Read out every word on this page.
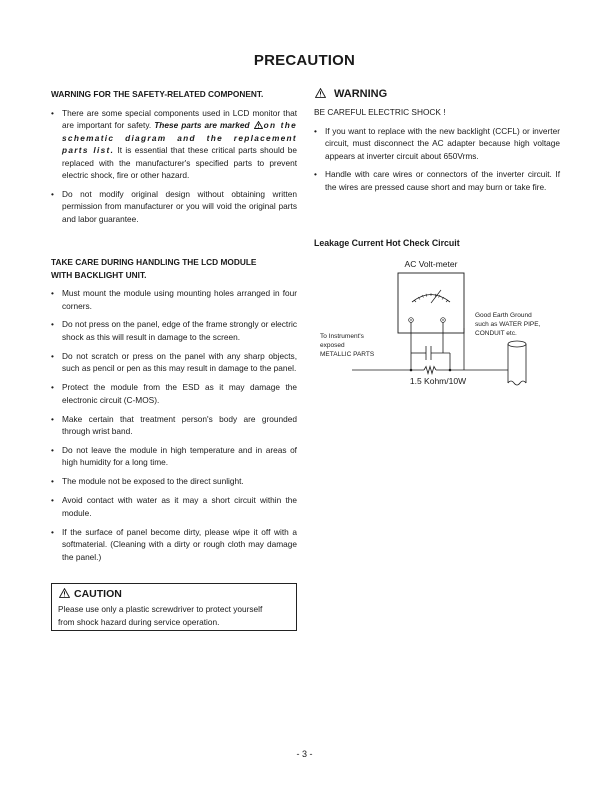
PRECAUTION

WARNING FOR THE SAFETY-RELATED COMPONENT.

• There are some special components used in LCD monitor that are important for safety. These parts are marked on the schematic diagram and the replacement parts list. It is essential that these critical parts should be replaced with the manufacturer's specified parts to prevent electric shock, fire or other hazard.
• Do not modify original design without obtaining written permission from manufacturer or you will void the original parts and labor guarantee.

TAKE CARE DURING HANDLING THE LCD MODULE

WITH BACKLIGHT UNIT.

• Must mount the module using mounting holes arranged in four corners.
• Do not press on the panel, edge of the frame strongly or electric shock as this will result in damage to the screen.
• Do not scratch or press on the panel with any sharp objects, such as pencil or pen as this may result in damage to the panel.
• Protect the module from the ESD as it may damage the electronic circuit (C-MOS).
• Make certain that treatment person's body are grounded through wrist band.
• Do not leave the module in high temperature and in areas of high humidity for a long time.
• The module not be exposed to the direct sunlight.
• Avoid contact with water as it may a short circuit within the module.
• If the surface of panel become dirty, please wipe it off with a softmaterial. (Cleaning with a dirty or rough cloth may damage the panel.)
CAUTION
Please use only a plastic screwdriver to protect yourself
from shock hazard during service operation.
WARNING
BE CAREFUL ELECTRIC SHOCK !
• If you want to replace with the new backlight (CCFL) or inverter circuit, must disconnect the AC adapter because high voltage appears at inverter circuit about 650Vrms.
• Handle with care wires or connectors of the inverter circuit. If the wires are pressed cause short and may burn or take fire.
Leakage Current Hot Check Circuit
AC Volt-meter
To Instrument's exposed METALLIC PARTS
Good Earth Ground such as WATER PIPE, CONDUIT etc.
1.5 Kohm/10W
- 3 -
